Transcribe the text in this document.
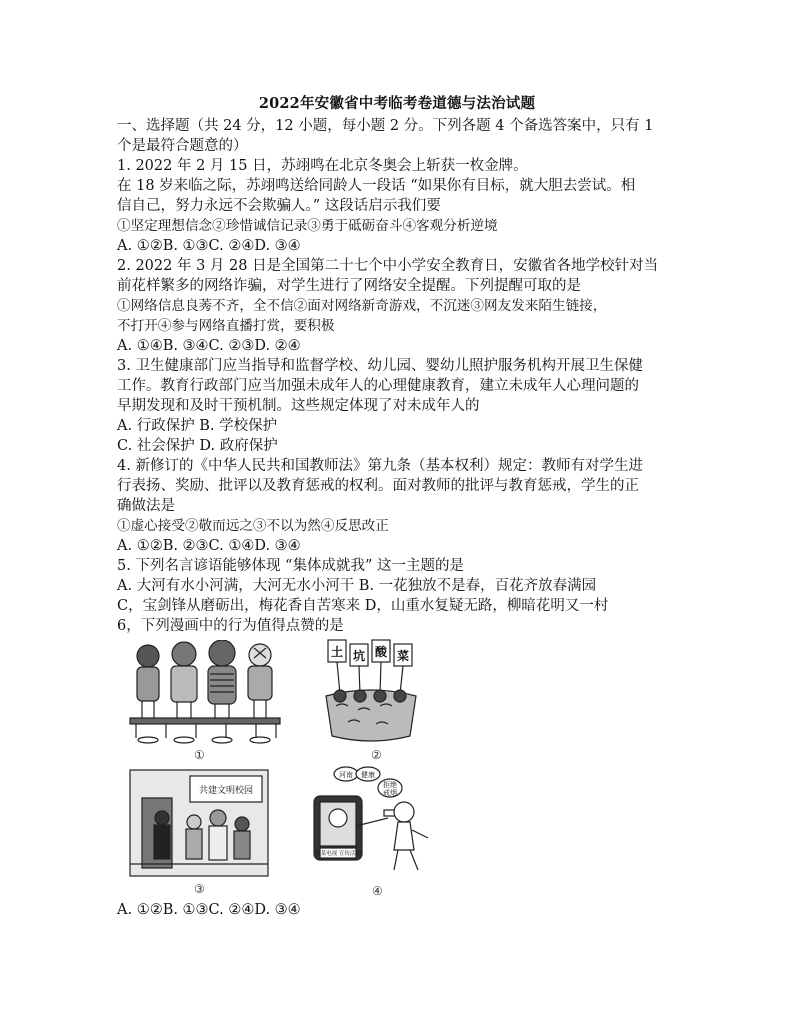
2022年安徽省中考临考卷道德与法治试题
一、选择题（共 24 分，12 小题，每小题 2 分。下列各题 4 个备选答案中，只有 1
个是最符合题意的）
1. 2022 年 2 月 15 日，苏翊鸣在北京冬奥会上斩获一枚金牌。
在 18 岁来临之际，苏翊鸣送给同龄人一段话 “如果你有目标，就大胆去尝试。相
信自己，努力永远不会欺骗人。” 这段话启示我们要
①坚定理想信念②珍惜诚信记录③勇于砥砺奋斗④客观分析逆境
A. ①②B. ①③C. ②④D. ③④
2. 2022 年 3 月 28 日是全国第二十七个中小学安全教育日，安徽省各地学校针对当
前花样繁多的网络诈骗，对学生进行了网络安全提醒。下列提醒可取的是
①网络信息良莠不齐，全不信②面对网络新奇游戏，不沉迷③网友发来陌生链接，
不打开④参与网络直播打赏，要积极
A. ①④B. ③④C. ②③D. ②④
3. 卫生健康部门应当指导和监督学校、幼儿园、婴幼儿照护服务机构开展卫生保健
工作。教育行政部门应当加强未成年人的心理健康教育，建立未成年人心理问题的
早期发现和及时干预机制。这些规定体现了对未成年人的
A. 行政保护 B. 学校保护
C. 社会保护 D. 政府保护
4. 新修订的《中华人民共和国教师法》第九条（基本权利）规定：教师有对学生进
行表扬、奖励、批评以及教育惩戒的权利。面对教师的批评与教育惩戒，学生的正
确做法是
①虚心接受②敬而远之③不以为然④反思改正
A. ①②B. ②③C. ①④D. ③④
5. 下列名言谚语能够体现 “集体成就我” 这一主题的是
A. 大河有水小河满，大河无水小河干 B. 一花独放不是春，百花齐放春满园
C，宝剑锋从磨砺出，梅花香自苦寒来 D，山重水复疑无路，柳暗花明又一村
6，下列漫画中的行为值得点赞的是
①
土 坑 酸 菜
②
共建文明校园
③
河南 健康
拒绝
戒烟
某某电视 宣传活动
④
A. ①②B. ①③C. ②④D. ③④
